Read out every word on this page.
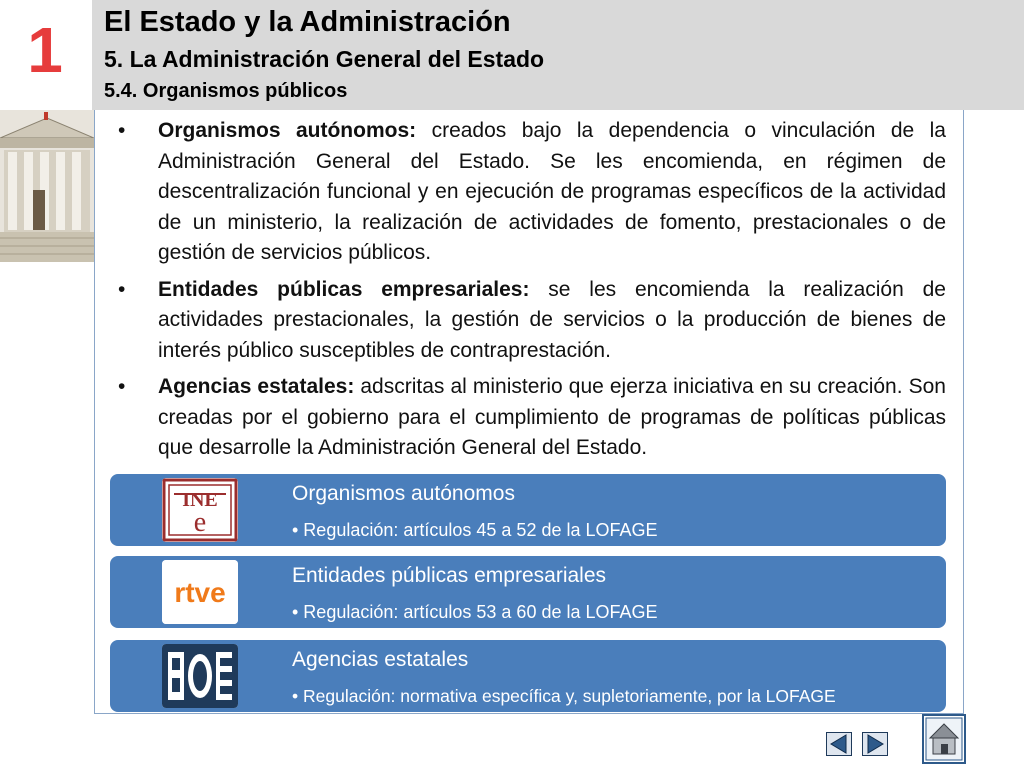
1	El Estado y la Administración
5. La Administración General del Estado
5.4. Organismos públicos
• Organismos autónomos: creados bajo la dependencia o vinculación de la Administración General del Estado. Se les encomienda, en régimen de descentralización funcional y en ejecución de programas específicos de la actividad de un ministerio, la realización de actividades de fomento, prestacionales o de gestión de servicios públicos.
• Entidades públicas empresariales: se les encomienda la realización de actividades prestacionales, la gestión de servicios o la producción de bienes de interés público susceptibles de contraprestación.
• Agencias estatales: adscritas al ministerio que ejerza iniciativa en su creación. Son creadas por el gobierno para el cumplimiento de programas de políticas públicas que desarrolle la Administración General del Estado.
INE
e
Organismos autónomos
• Regulación: artículos 45 a 52 de la LOFAGE
rtve
Entidades públicas empresariales
• Regulación: artículos 53 a 60 de la LOFAGE
Agencias estatales
• Regulación: normativa específica y, supletoriamente, por la LOFAGE
